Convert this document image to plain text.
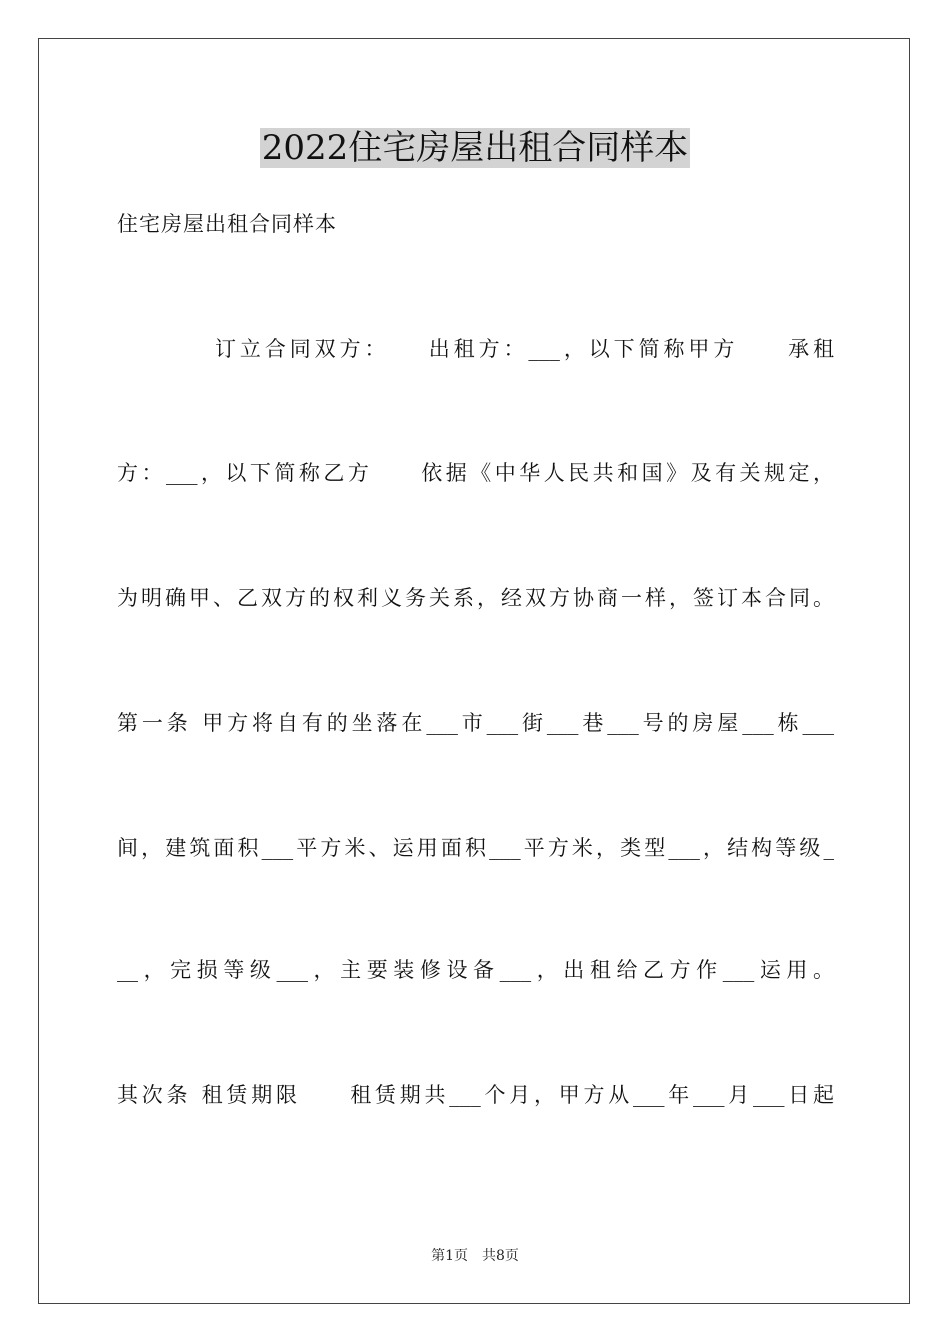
2022住宅房屋出租合同样本
住宅房屋出租合同样本
订立合同双方：　　出租方：___，以下简称甲方　　承租
方：___，以下简称乙方　　依据《中华人民共和国》及有关规定，
为明确甲、乙双方的权利义务关系，经双方协商一样，签订本合同。
第一条 甲方将自有的坐落在___市___街___巷___号的房屋___栋___
间，建筑面积___平方米、运用面积___平方米，类型___，结构等级_
__，完损等级___，主要装修设备___，出租给乙方作___运用。
其次条 租赁期限　　租赁期共___个月，甲方从___年___月___日起
第1页　共8页
